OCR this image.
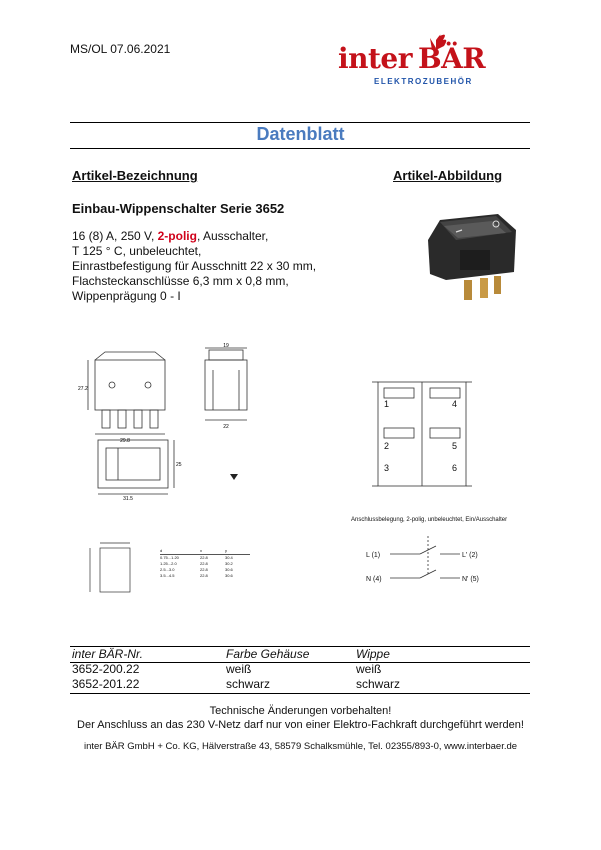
MS/OL 07.06.2021	inter BÄR
ELEKTROZUBEHÖR
Datenblatt
Artikel-Bezeichnung	Artikel-Abbildung
Einbau-Wippenschalter Serie 3652
16 (8) A, 250 V, 2-polig, Ausschalter,
T 125 ° C, unbeleuchtet,
Einrastbefestigung für Ausschnitt 22 x 30 mm,
Flachsteckanschlüsse 6,3 mm x 0,8 mm,
Wippenprägung 0 - I
29.8
27.2
31.5
25
19
22
1
2
3
4
5
6
Anschlussbelegung, 2-polig, unbeleuchtet, Ein/Ausschalter
L (1)	L' (2)
N (4)	N' (5)
d	x	y
0.75...1.20	22.8	30.4
1.25...2.0	22.8	30.2
2.5...3.0	22.8	30.6
3.5...4.5	22.8	30.6
inter BÄR-Nr.	Farbe Gehäuse	Wippe
3652-200.22	weiß	weiß
3652-201.22	schwarz	schwarz
Technische Änderungen vorbehalten!
Der Anschluss an das 230 V-Netz darf nur von einer Elektro-Fachkraft durchgeführt werden!
inter BÄR GmbH + Co. KG, Hälverstraße 43, 58579 Schalksmühle, Tel. 02355/893-0, www.interbaer.de
